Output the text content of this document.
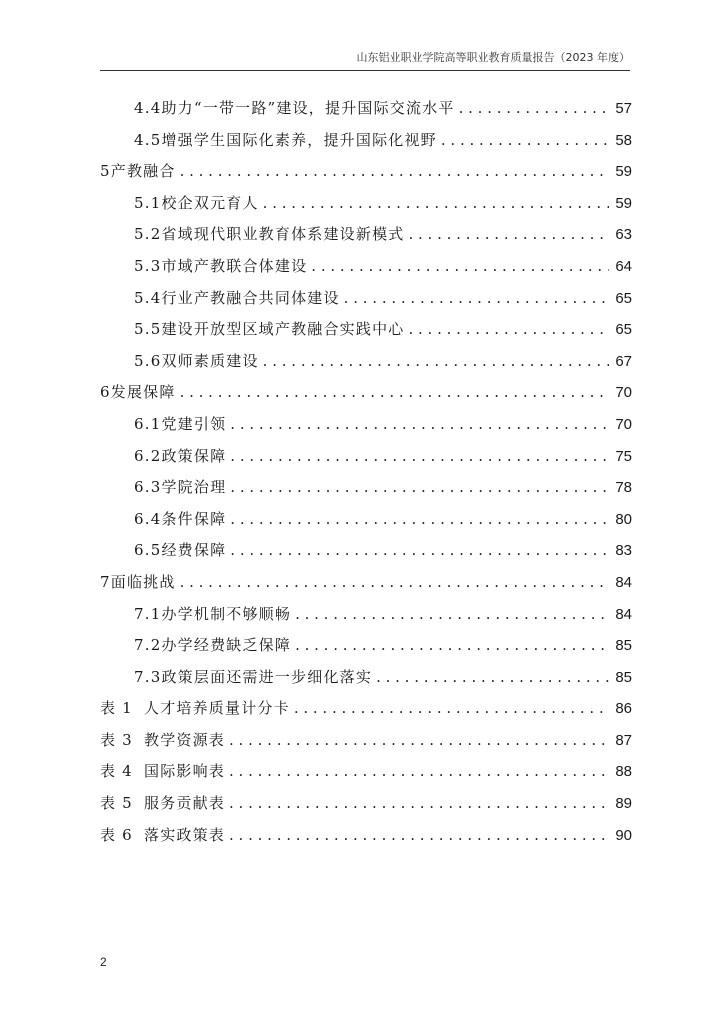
山东铝业职业学院高等职业教育质量报告（2023 年度）
4.4 助力“一带一路”建设，提升国际交流水平 . . .	57
4.5 增强学生国际化素养，提升国际化视野 . . .	58
5 产教融合 . . .	59
5.1 校企双元育人 . . .	59
5.2 省域现代职业教育体系建设新模式 . . .	63
5.3 市域产教联合体建设 . . .	64
5.4 行业产教融合共同体建设 . . .	65
5.5 建设开放型区域产教融合实践中心 . . .	65
5.6 双师素质建设 . . .	67
6 发展保障 . . .	70
6.1 党建引领 . . .	70
6.2 政策保障 . . .	75
6.3 学院治理 . . .	78
6.4 条件保障 . . .	80
6.5 经费保障 . . .	83
7 面临挑战 . . .	84
7.1 办学机制不够顺畅 . . .	84
7.2 办学经费缺乏保障 . . .	85
7.3 政策层面还需进一步细化落实 . . .	85
表 1 人才培养质量计分卡 . . .	86
表 3 教学资源表 . . .	87
表 4 国际影响表 . . .	88
表 5 服务贡献表 . . .	89
表 6 落实政策表 . . .	90
2
